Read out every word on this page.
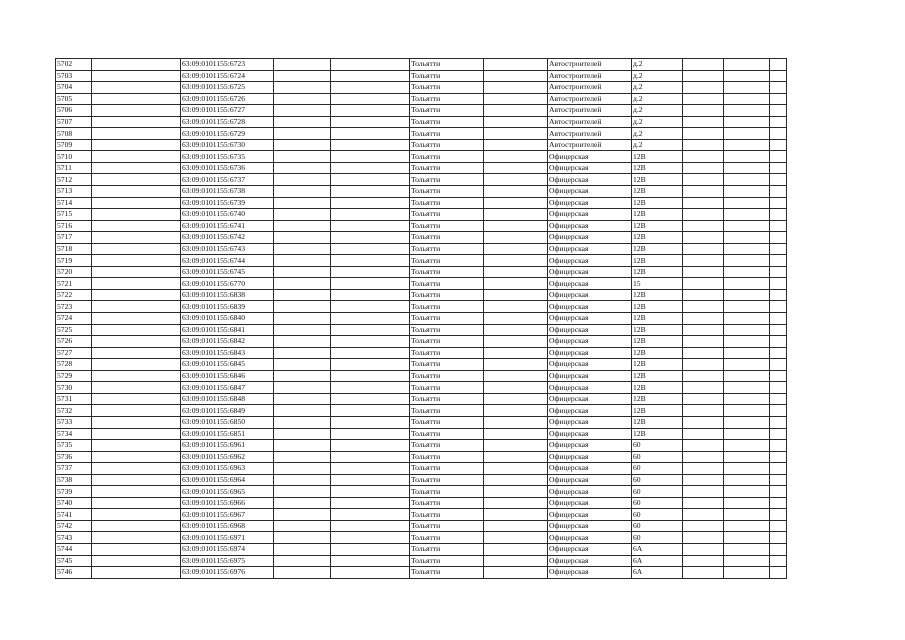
5702		63:09:0101155:6723			Тольятти		Автостроителей	д.2			
5703		63:09:0101155:6724			Тольятти		Автостроителей	д.2			
5704		63:09:0101155:6725			Тольятти		Автостроителей	д.2			
5705		63:09:0101155:6726			Тольятти		Автостроителей	д.2			
5706		63:09:0101155:6727			Тольятти		Автостроителей	д.2			
5707		63:09:0101155:6728			Тольятти		Автостроителей	д.2			
5708		63:09:0101155:6729			Тольятти		Автостроителей	д.2			
5709		63:09:0101155:6730			Тольятти		Автостроителей	д.2			
5710		63:09:0101155:6735			Тольятти		Офицерская	12В			
5711		63:09:0101155:6736			Тольятти		Офицерская	12В			
5712		63:09:0101155:6737			Тольятти		Офицерская	12В			
5713		63:09:0101155:6738			Тольятти		Офицерская	12В			
5714		63:09:0101155:6739			Тольятти		Офицерская	12В			
5715		63:09:0101155:6740			Тольятти		Офицерская	12В			
5716		63:09:0101155:6741			Тольятти		Офицерская	12В			
5717		63:09:0101155:6742			Тольятти		Офицерская	12В			
5718		63:09:0101155:6743			Тольятти		Офицерская	12В			
5719		63:09:0101155:6744			Тольятти		Офицерская	12В			
5720		63:09:0101155:6745			Тольятти		Офицерская	12В			
5721		63:09:0101155:6770			Тольятти		Офицерская	15			
5722		63:09:0101155:6838			Тольятти		Офицерская	12В			
5723		63:09:0101155:6839			Тольятти		Офицерская	12В			
5724		63:09:0101155:6840			Тольятти		Офицерская	12В			
5725		63:09:0101155:6841			Тольятти		Офицерская	12В			
5726		63:09:0101155:6842			Тольятти		Офицерская	12В			
5727		63:09:0101155:6843			Тольятти		Офицерская	12В			
5728		63:09:0101155:6845			Тольятти		Офицерская	12В			
5729		63:09:0101155:6846			Тольятти		Офицерская	12В			
5730		63:09:0101155:6847			Тольятти		Офицерская	12В			
5731		63:09:0101155:6848			Тольятти		Офицерская	12В			
5732		63:09:0101155:6849			Тольятти		Офицерская	12В			
5733		63:09:0101155:6850			Тольятти		Офицерская	12В			
5734		63:09:0101155:6851			Тольятти		Офицерская	12В			
5735		63:09:0101155:6961			Тольятти		Офицерская	60			
5736		63:09:0101155:6962			Тольятти		Офицерская	60			
5737		63:09:0101155:6963			Тольятти		Офицерская	60			
5738		63:09:0101155:6964			Тольятти		Офицерская	60			
5739		63:09:0101155:6965			Тольятти		Офицерская	60			
5740		63:09:0101155:6966			Тольятти		Офицерская	60			
5741		63:09:0101155:6967			Тольятти		Офицерская	60			
5742		63:09:0101155:6968			Тольятти		Офицерская	60			
5743		63:09:0101155:6971			Тольятти		Офицерская	60			
5744		63:09:0101155:6974			Тольятти		Офицерская	6А			
5745		63:09:0101155:6975			Тольятти		Офицерская	6А			
5746		63:09:0101155:6976			Тольятти		Офицерская	6А			
